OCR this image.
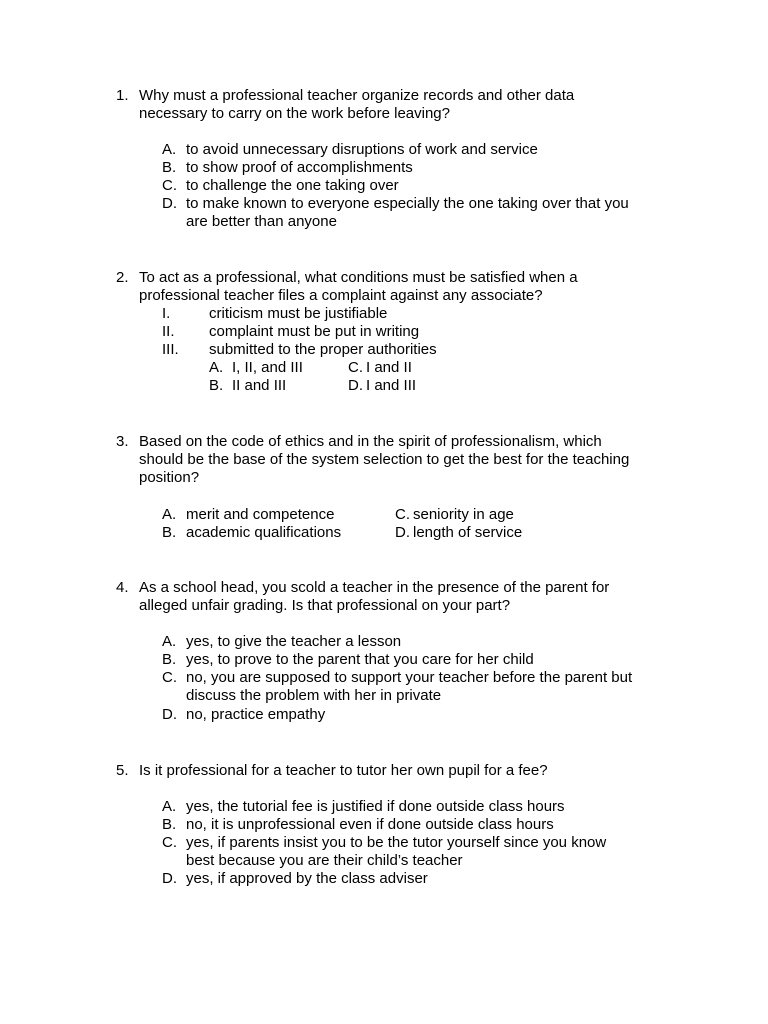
1. Why must a professional teacher organize records and other data
necessary to carry on the work before leaving?
A. to avoid unnecessary disruptions of work and service
B. to show proof of accomplishments
C. to challenge the one taking over
D. to make known to everyone especially the one taking over that you
are better than anyone
2. To act as a professional, what conditions must be satisfied when a
professional teacher files a complaint against any associate?
I.	criticism must be justifiable
II. complaint must be put in writing
III. submitted to the proper authorities
A. I, II, and III	C. I and II
B. II and III	D. I and III
3. Based on the code of ethics and in the spirit of professionalism, which
should be the base of the system selection to get the best for the teaching
position?
A. merit and competence	C. seniority in age
B. academic qualifications	D. length of service
4. As a school head, you scold a teacher in the presence of the parent for
alleged unfair grading. Is that professional on your part?
A. yes, to give the teacher a lesson
B. yes, to prove to the parent that you care for her child
C. no, you are supposed to support your teacher before the parent but
discuss the problem with her in private
D. no, practice empathy
5. Is it professional for a teacher to tutor her own pupil for a fee?
A. yes, the tutorial fee is justified if done outside class hours
B. no, it is unprofessional even if done outside class hours
C. yes, if parents insist you to be the tutor yourself since you know
best because you are their child’s teacher
D. yes, if approved by the class adviser
